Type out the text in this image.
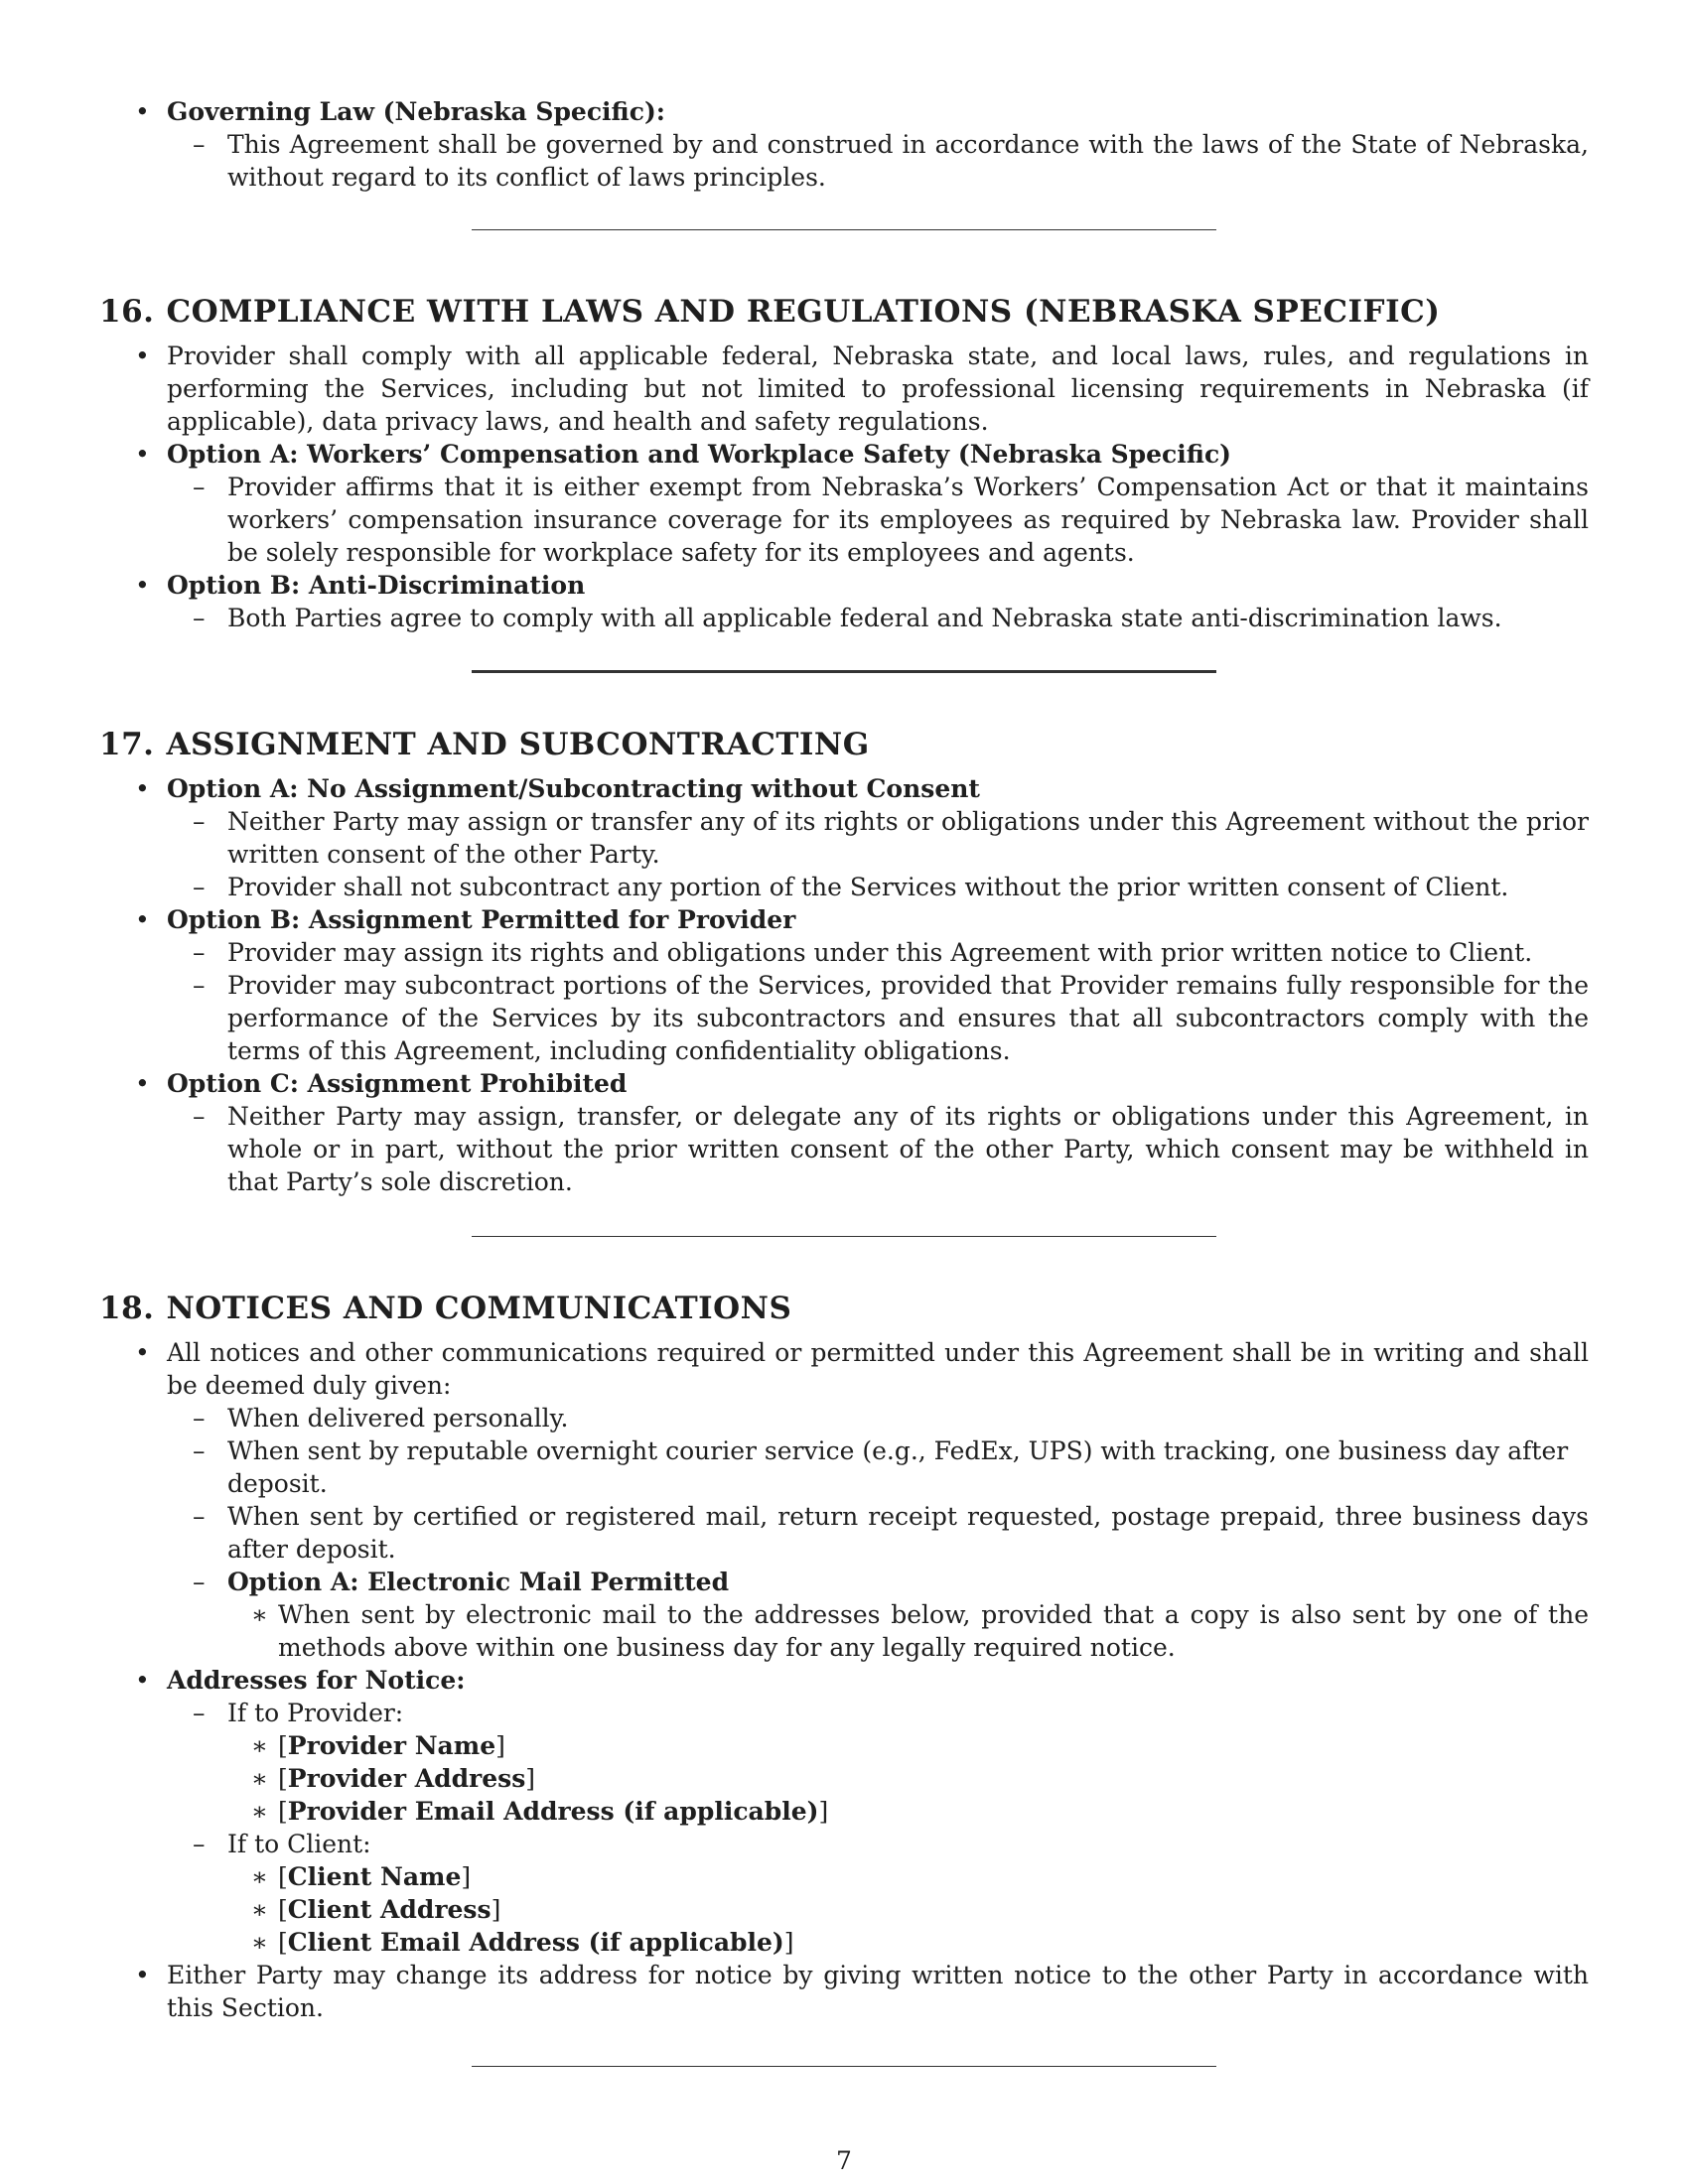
• Governing Law (Nebraska Specific):
– This Agreement shall be governed by and construed in accordance with the laws of the State of Nebraska, without regard to its conflict of laws principles.
16. COMPLIANCE WITH LAWS AND REGULATIONS (NEBRASKA SPECIFIC)
• Provider shall comply with all applicable federal, Nebraska state, and local laws, rules, and regulations in performing the Services, including but not limited to professional licensing requirements in Nebraska (if applicable), data privacy laws, and health and safety regulations.
• Option A: Workers’ Compensation and Workplace Safety (Nebraska Specific)
– Provider affirms that it is either exempt from Nebraska’s Workers’ Compensation Act or that it maintains workers’ compensation insurance coverage for its employees as required by Nebraska law. Provider shall be solely responsible for workplace safety for its employees and agents.
• Option B: Anti-Discrimination
– Both Parties agree to comply with all applicable federal and Nebraska state anti-discrimination laws.
17. ASSIGNMENT AND SUBCONTRACTING
• Option A: No Assignment/Subcontracting without Consent
– Neither Party may assign or transfer any of its rights or obligations under this Agreement without the prior written consent of the other Party.
– Provider shall not subcontract any portion of the Services without the prior written consent of Client.
• Option B: Assignment Permitted for Provider
– Provider may assign its rights and obligations under this Agreement with prior written notice to Client.
– Provider may subcontract portions of the Services, provided that Provider remains fully responsible for the performance of the Services by its subcontractors and ensures that all subcontractors comply with the terms of this Agreement, including confidentiality obligations.
• Option C: Assignment Prohibited
– Neither Party may assign, transfer, or delegate any of its rights or obligations under this Agreement, in whole or in part, without the prior written consent of the other Party, which consent may be withheld in that Party’s sole discretion.
18. NOTICES AND COMMUNICATIONS
• All notices and other communications required or permitted under this Agreement shall be in writing and shall be deemed duly given:
– When delivered personally.
– When sent by reputable overnight courier service (e.g., FedEx, UPS) with tracking, one business day after deposit.
– When sent by certified or registered mail, return receipt requested, postage prepaid, three business days after deposit.
– Option A: Electronic Mail Permitted
∗ When sent by electronic mail to the addresses below, provided that a copy is also sent by one of the methods above within one business day for any legally required notice.
• Addresses for Notice:
– If to Provider:
∗ [Provider Name]
∗ [Provider Address]
∗ [Provider Email Address (if applicable)]
– If to Client:
∗ [Client Name]
∗ [Client Address]
∗ [Client Email Address (if applicable)]
• Either Party may change its address for notice by giving written notice to the other Party in accordance with this Section.
7
